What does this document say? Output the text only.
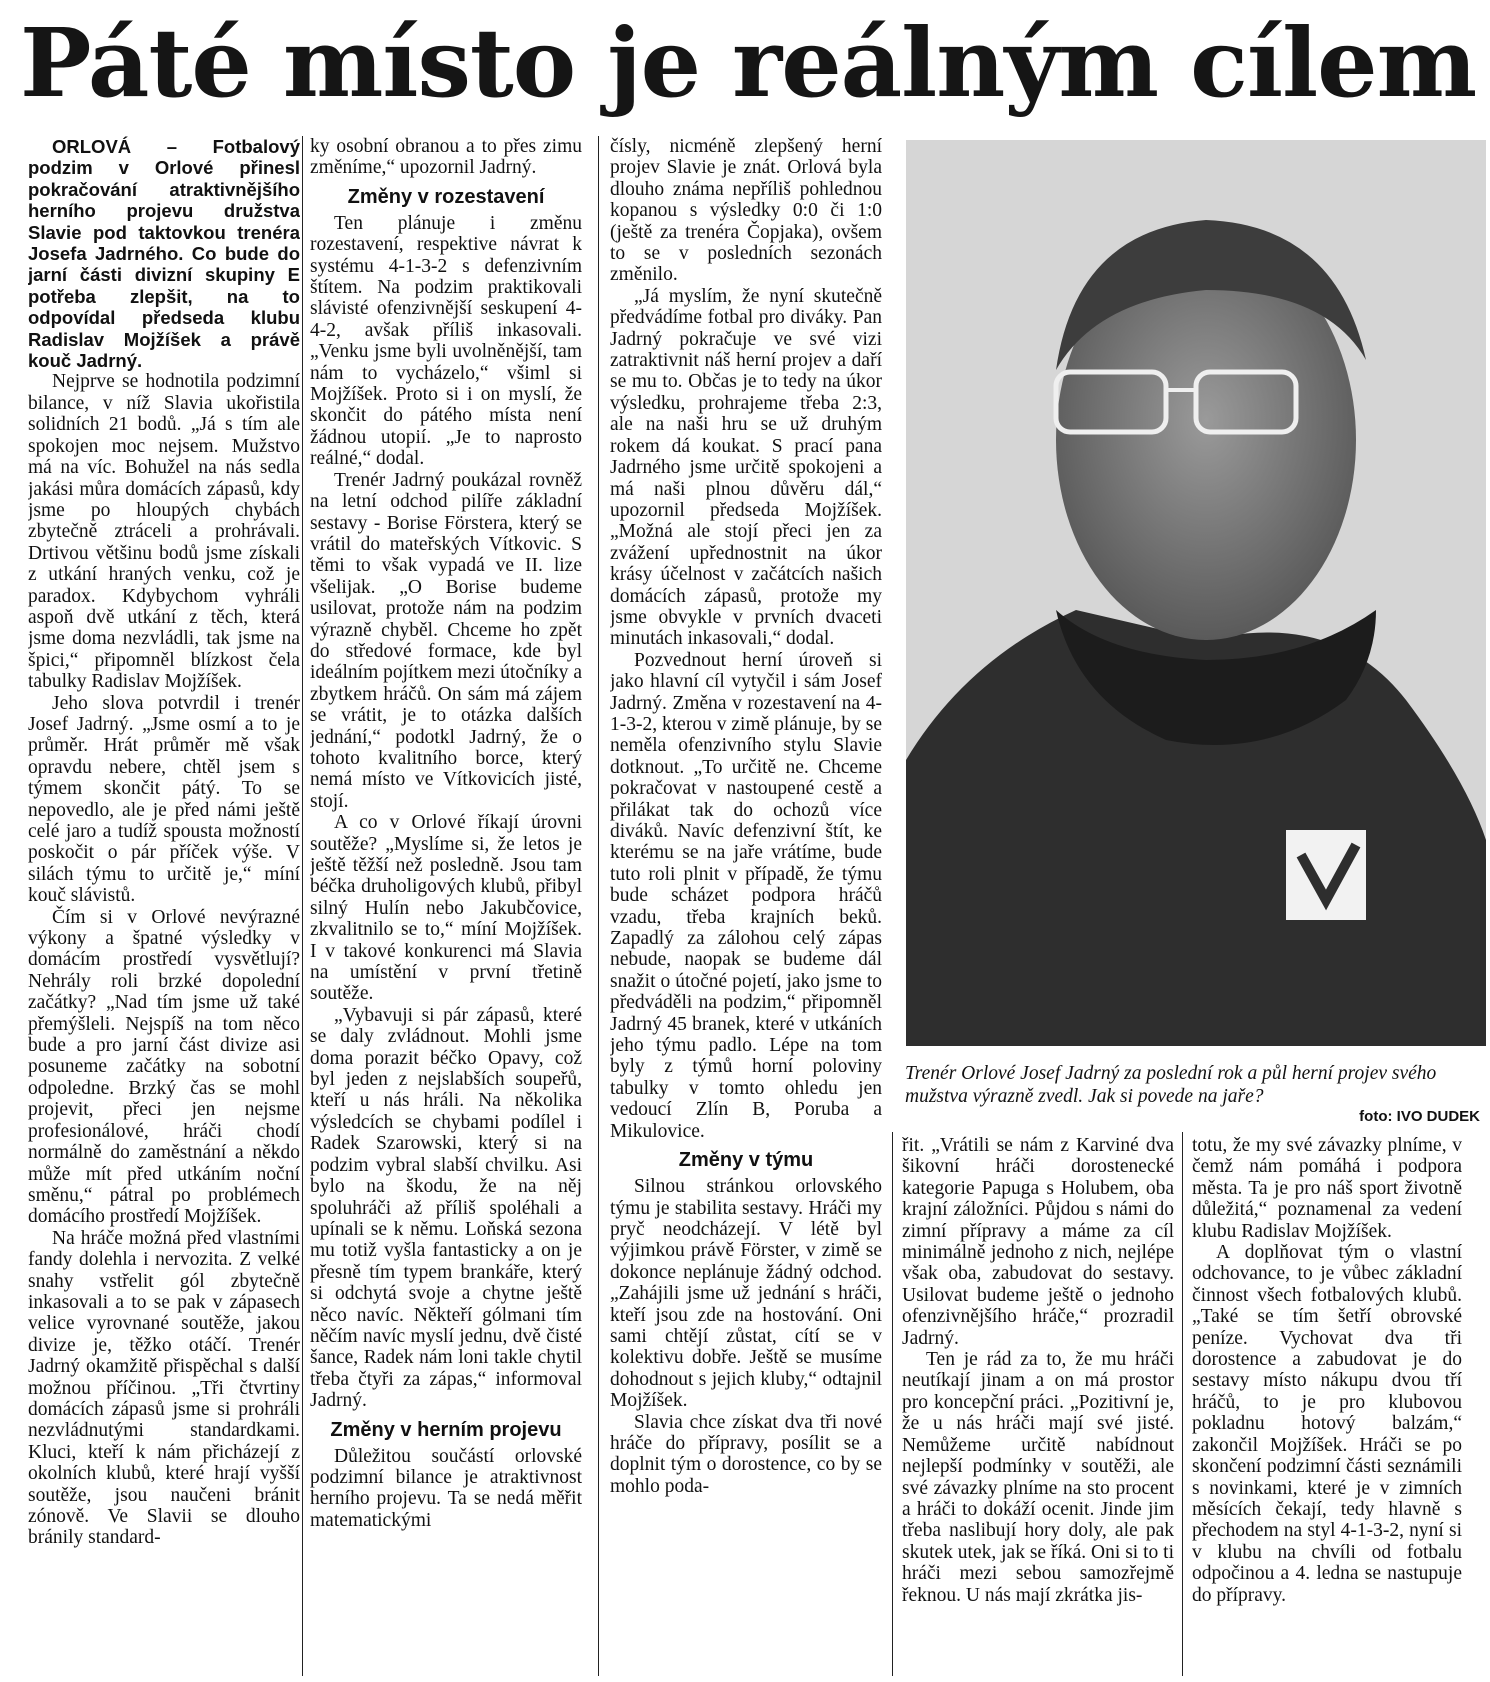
Páté místo je reálným cílem

ORLOVÁ – Fotbalový podzim v Orlové přinesl pokračování atraktivnějšího herního projevu družstva Slavie pod taktovkou trenéra Josefa Jadrného. Co bude do jarní části divizní skupiny E potřeba zlepšit, na to odpovídal předseda klubu Radislav Mojžíšek a právě kouč Jadrný.

Nejprve se hodnotila podzimní bilance, v níž Slavia ukořistila solidních 21 bodů. „Já s tím ale spokojen moc nejsem. Mužstvo má na víc. Bohužel na nás sedla jakási můra domácích zápasů, kdy jsme po hloupých chybách zbytečně ztráceli a prohrávali. Drtivou většinu bodů jsme získali z utkání hraných venku, což je paradox. Kdybychom vyhráli aspoň dvě utkání z těch, která jsme doma nezvládli, tak jsme na špici,“ připomněl blízkost čela tabulky Radislav Mojžíšek.

Jeho slova potvrdil i trenér Josef Jadrný. „Jsme osmí a to je průměr. Hrát průměr mě však opravdu nebere, chtěl jsem s týmem skončit pátý. To se nepovedlo, ale je před námi ještě celé jaro a tudíž spousta možností poskočit o pár příček výše. V silách týmu to určitě je,“ míní kouč slávistů.

Čím si v Orlové nevýrazné výkony a špatné výsledky v domácím prostředí vysvětlují? Nehrály roli brzké dopolední začátky? „Nad tím jsme už také přemýšleli. Nejspíš na tom něco bude a pro jarní část divize asi posuneme začátky na sobotní odpoledne. Brzký čas se mohl projevit, přeci jen nejsme profesionálové, hráči chodí normálně do zaměstnání a někdo může mít před utkáním noční směnu,“ pátral po problémech domácího prostředí Mojžíšek.

Na hráče možná před vlastními fandy dolehla i nervozita. Z velké snahy vstřelit gól zbytečně inkasovali a to se pak v zápasech velice vyrovnané soutěže, jakou divize je, těžko otáčí. Trenér Jadrný okamžitě přispěchal s další možnou příčinou. „Tři čtvrtiny domácích zápasů jsme si prohráli nezvládnutými standardkami. Kluci, kteří k nám přicházejí z okolních klubů, které hrají vyšší soutěže, jsou naučeni bránit zónově. Ve Slavii se dlouho bránily standard-

ky osobní obranou a to přes zimu změníme,“ upozornil Jadrný.

Změny v rozestavení

Ten plánuje i změnu rozestavení, respektive návrat k systému 4-1-3-2 s defenzivním štítem. Na podzim praktikovali slávisté ofenzivnější seskupení 4-4-2, avšak příliš inkasovali. „Venku jsme byli uvolněnější, tam nám to vycházelo,“ všiml si Mojžíšek. Proto si i on myslí, že skončit do pátého místa není žádnou utopií. „Je to naprosto reálné,“ dodal.

Trenér Jadrný poukázal rovněž na letní odchod pilíře základní sestavy - Borise Förstera, který se vrátil do mateřských Vítkovic. S těmi to však vypadá ve II. lize všelijak. „O Borise budeme usilovat, protože nám na podzim výrazně chyběl. Chceme ho zpět do středové formace, kde byl ideálním pojítkem mezi útočníky a zbytkem hráčů. On sám má zájem se vrátit, je to otázka dalších jednání,“ podotkl Jadrný, že o tohoto kvalitního borce, který nemá místo ve Vítkovicích jisté, stojí.

A co v Orlové říkají úrovni soutěže? „Myslíme si, že letos je ještě těžší než posledně. Jsou tam béčka druholigových klubů, přibyl silný Hulín nebo Jakubčovice, zkvalitnilo se to,“ míní Mojžíšek. I v takové konkurenci má Slavia na umístění v první třetině soutěže.

„Vybavuji si pár zápasů, které se daly zvládnout. Mohli jsme doma porazit béčko Opavy, což byl jeden z nejslabších soupeřů, kteří u nás hráli. Na několika výsledcích se chybami podílel i Radek Szarowski, který si na podzim vybral slabší chvilku. Asi bylo na škodu, že na něj spoluhráči až příliš spoléhali a upínali se k němu. Loňská sezona mu totiž vyšla fantasticky a on je přesně tím typem brankáře, který si odchytá svoje a chytne ještě něco navíc. Někteří gólmani tím něčím navíc myslí jednu, dvě čisté šance, Radek nám loni takle chytil třeba čtyři za zápas,“ informoval Jadrný.

Změny v herním projevu

Důležitou součástí orlovské podzimní bilance je atraktivnost herního projevu. Ta se nedá měřit matematickými

čísly, nicméně zlepšený herní projev Slavie je znát. Orlová byla dlouho známa nepříliš pohlednou kopanou s výsledky 0:0 či 1:0 (ještě za trenéra Čopjaka), ovšem to se v posledních sezonách změnilo.

„Já myslím, že nyní skutečně předvádíme fotbal pro diváky. Pan Jadrný pokračuje ve své vizi zatraktivnit náš herní projev a daří se mu to. Občas je to tedy na úkor výsledku, prohrajeme třeba 2:3, ale na naši hru se už druhým rokem dá koukat. S prací pana Jadrného jsme určitě spokojeni a má naši plnou důvěru dál,“ upozornil předseda Mojžíšek. „Možná ale stojí přeci jen za zvážení upřednostnit na úkor krásy účelnost v začátcích našich domácích zápasů, protože my jsme obvykle v prvních dvaceti minutách inkasovali,“ dodal.

Pozvednout herní úroveň si jako hlavní cíl vytyčil i sám Josef Jadrný. Změna v rozestavení na 4-1-3-2, kterou v zimě plánuje, by se neměla ofenzivního stylu Slavie dotknout. „To určitě ne. Chceme pokračovat v nastoupené cestě a přilákat tak do ochozů více diváků. Navíc defenzivní štít, ke kterému se na jaře vrátíme, bude tuto roli plnit v případě, že týmu bude scházet podpora hráčů vzadu, třeba krajních beků. Zapadlý za zálohou celý zápas nebude, naopak se budeme dál snažit o útočné pojetí, jako jsme to předváděli na podzim,“ připomněl Jadrný 45 branek, které v utkáních jeho týmu padlo. Lépe na tom byly z týmů horní poloviny tabulky v tomto ohledu jen vedoucí Zlín B, Poruba a Mikulovice.

Změny v týmu

Silnou stránkou orlovského týmu je stabilita sestavy. Hráči my pryč neodcházejí. V létě byl výjimkou právě Förster, v zimě se dokonce neplánuje žádný odchod. „Zahájili jsme už jednání s hráči, kteří jsou zde na hostování. Oni sami chtějí zůstat, cítí se v kolektivu dobře. Ještě se musíme dohodnout s jejich kluby,“ odtajnil Mojžíšek.

Slavia chce získat dva tři nové hráče do přípravy, posílit se a doplnit tým o dorostence, co by se mohlo poda-

Trenér Orlové Josef Jadrný za poslední rok a půl herní projev svého mužstva výrazně zvedl. Jak si povede na jaře?
foto: IVO DUDEK

řit. „Vrátili se nám z Karviné dva šikovní hráči dorostenecké kategorie Papuga s Holubem, oba krajní záložníci. Půjdou s námi do zimní přípravy a máme za cíl minimálně jednoho z nich, nejlépe však oba, zabudovat do sestavy. Usilovat budeme ještě o jednoho ofenzivnějšího hráče,“ prozradil Jadrný.

Ten je rád za to, že mu hráči neutíkají jinam a on má prostor pro koncepční práci. „Pozitivní je, že u nás hráči mají své jisté. Nemůžeme určitě nabídnout nejlepší podmínky v soutěži, ale své závazky plníme na sto procent a hráči to dokáží ocenit. Jinde jim třeba naslibují hory doly, ale pak skutek utek, jak se říká. Oni si to ti hráči mezi sebou samozřejmě řeknou. U nás mají zkrátka jis-

totu, že my své závazky plníme, v čemž nám pomáhá i podpora města. Ta je pro náš sport životně důležitá,“ poznamenal za vedení klubu Radislav Mojžíšek.

A doplňovat tým o vlastní odchovance, to je vůbec základní činnost všech fotbalových klubů. „Také se tím šetří obrovské peníze. Vychovat dva tři dorostence a zabudovat je do sestavy místo nákupu dvou tří hráčů, to je pro klubovou pokladnu hotový balzám,“ zakončil Mojžíšek. Hráči se po skončení podzimní části seznámili s novinkami, které je v zimních měsících čekají, tedy hlavně s přechodem na styl 4-1-3-2, nyní si v klubu na chvíli od fotbalu odpočinou a 4. ledna se nastupuje do přípravy.
